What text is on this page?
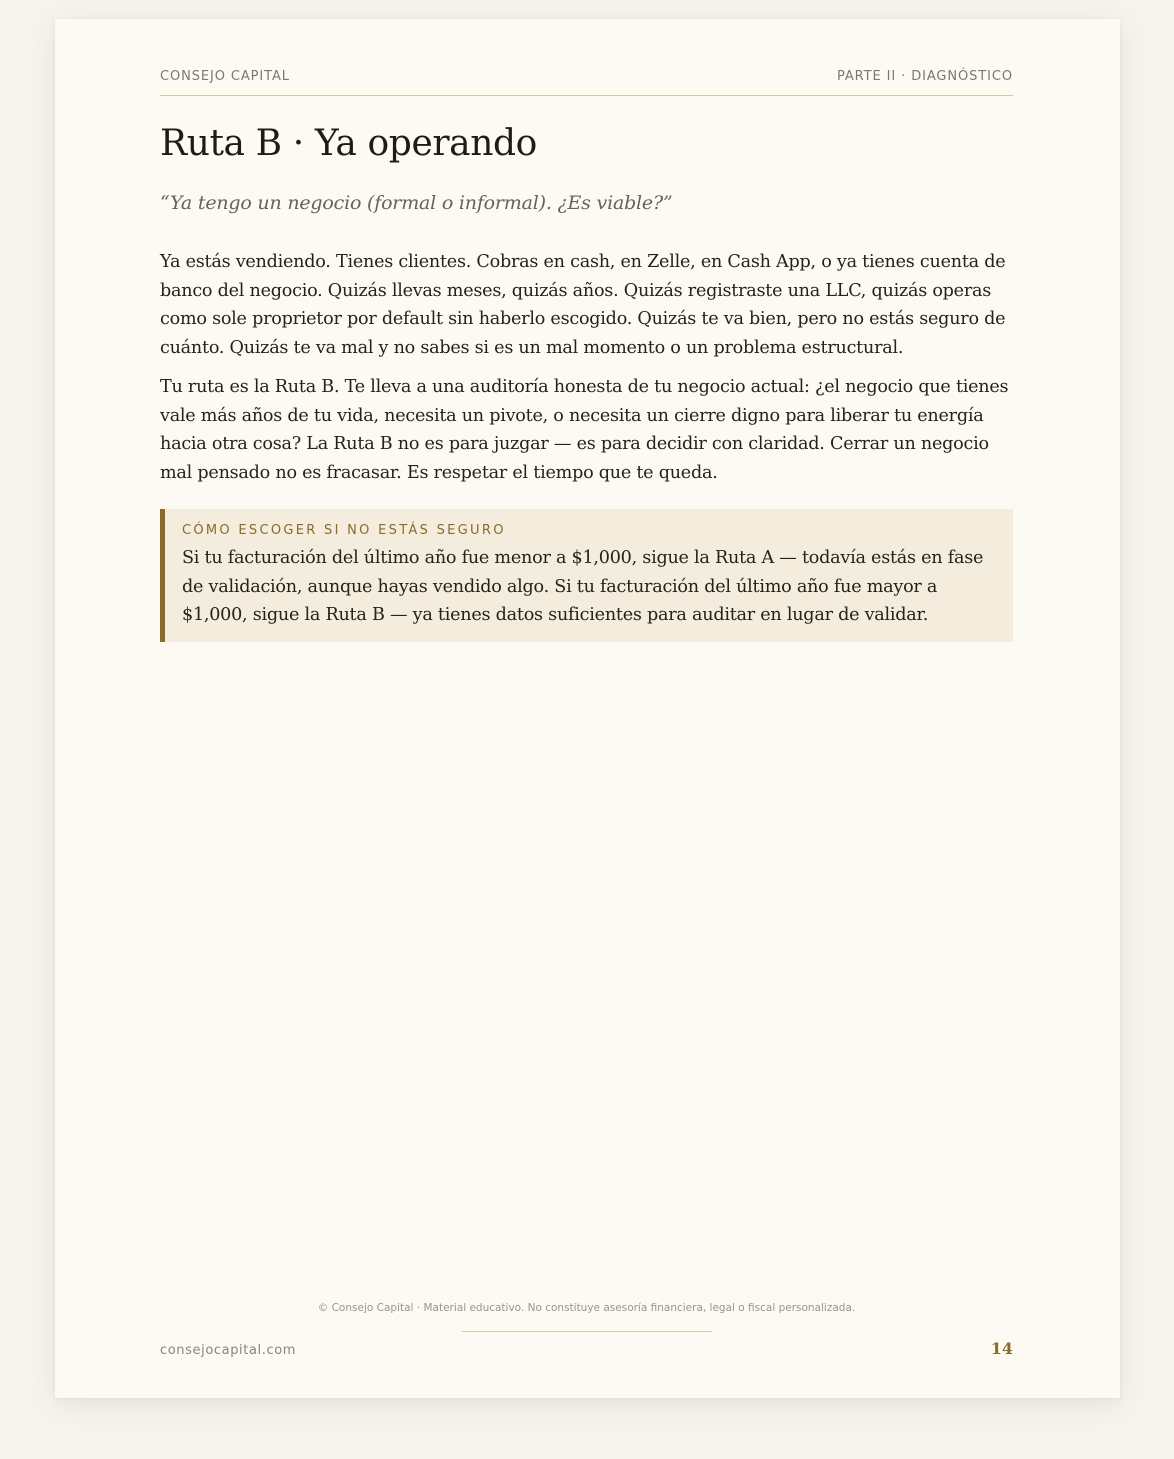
CONSEJO CAPITAL	PARTE II · DIAGNÓSTICO
Ruta B · Ya operando
“Ya tengo un negocio (formal o informal). ¿Es viable?”

Ya estás vendiendo. Tienes clientes. Cobras en cash, en Zelle, en Cash App, o ya tienes cuenta de banco del negocio. Quizás llevas meses, quizás años. Quizás registraste una LLC, quizás operas como sole proprietor por default sin haberlo escogido. Quizás te va bien, pero no estás seguro de cuánto. Quizás te va mal y no sabes si es un mal momento o un problema estructural.

Tu ruta es la Ruta B. Te lleva a una auditoría honesta de tu negocio actual: ¿el negocio que tienes vale más años de tu vida, necesita un pivote, o necesita un cierre digno para liberar tu energía hacia otra cosa? La Ruta B no es para juzgar — es para decidir con claridad. Cerrar un negocio mal pensado no es fracasar. Es respetar el tiempo que te queda.

CÓMO ESCOGER SI NO ESTÁS SEGURO
Si tu facturación del último año fue menor a $1,000, sigue la Ruta A — todavía estás en fase de validación, aunque hayas vendido algo. Si tu facturación del último año fue mayor a $1,000, sigue la Ruta B — ya tienes datos suficientes para auditar en lugar de validar.
© Consejo Capital · Material educativo. No constituye asesoría financiera, legal o fiscal personalizada.
consejocapital.com	14
